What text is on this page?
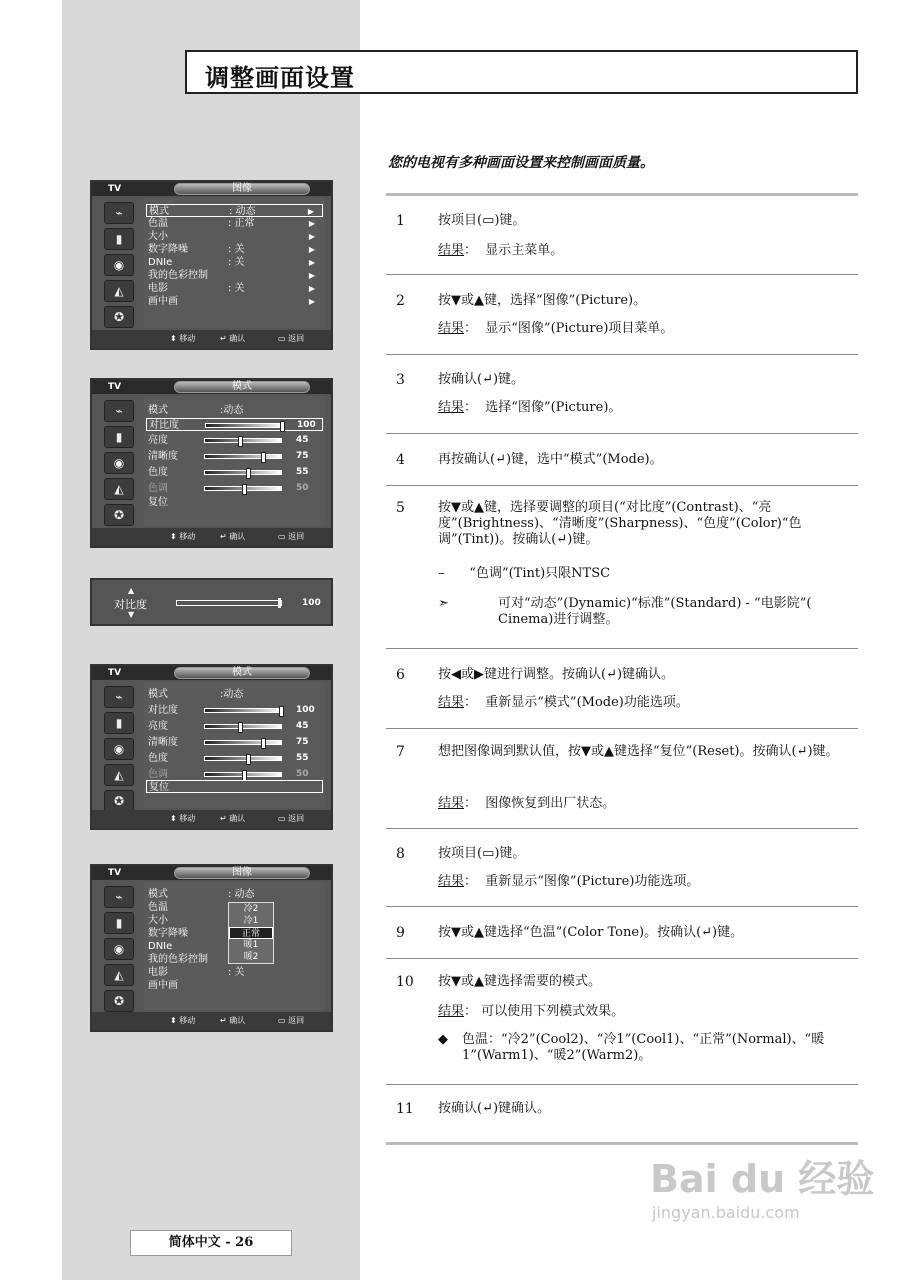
调整画面设置
TV	图像
⌁
▮
◉
◭
✪
模式	: 动态	▶
色温	: 正常	▶
大小	▶
数字降噪	: 关	▶
DNIe	: 关	▶
我的色彩控制	▶
电影	: 关	▶
画中画	▶
⬍ 移动	↵ 确认	▭ 返回
TV	模式
⌁
▮
◉
◭
✪
模式	:动态
对比度	100
亮度	45
清晰度	75
色度	55
色调	50
复位
⬍ 移动	↵ 确认	▭ 返回
▲
对比度
▼
100
TV	模式
⌁
▮
◉
◭
✪
模式	:动态
对比度	100
亮度	45
清晰度	75
色度	55
色调	50
复位
⬍ 移动	↵ 确认	▭ 返回
TV	图像
⌁
▮
◉
◭
✪
模式	: 动态
色温
大小
数字降噪
DNIe
我的色彩控制
电影	: 关
画中画
冷2
冷1
正常
暖1
暖2
⬍ 移动	↵ 确认	▭ 返回
您的电视有多种画面设置来控制画面质量。
1	按项目(▭)键。
结果：  显示主菜单。
2	按▼或▲键，选择“图像”(Picture)。
结果：  显示“图像”(Picture)项目菜单。
3	按确认(↵)键。
结果：  选择“图像”(Picture)。
4	再按确认(↵)键，选中“模式”(Mode)。
5	按▼或▲键，选择要调整的项目(“对比度”(Contrast)、“亮度”(Brightness)、“清晰度”(Sharpness)、“色度”(Color)“色调”(Tint))。按确认(↵)键。
– “色调”(Tint)只限NTSC
➣	可对“动态”(Dynamic)“标准”(Standard) - “电影院”( Cinema)进行调整。
6	按◀或▶键进行调整。按确认(↵)键确认。
结果：  重新显示“模式”(Mode)功能选项。
7	想把图像调到默认值，按▼或▲键选择“复位”(Reset)。按确认(↵)键。
结果：  图像恢复到出厂状态。
8	按项目(▭)键。
结果：  重新显示“图像”(Picture)功能选项。
9	按▼或▲键选择“色温”(Color Tone)。按确认(↵)键。
10 按▼或▲键选择需要的模式。
结果： 可以使用下列模式效果。
◆ 色温：“冷2”(Cool2)、“冷1”(Cool1)、“正常”(Normal)、“暖1”(Warm1)、“暖2”(Warm2)。
11 按确认(↵)键确认。
Bai du 经验
jingyan.baidu.com
简体中文 - 26
